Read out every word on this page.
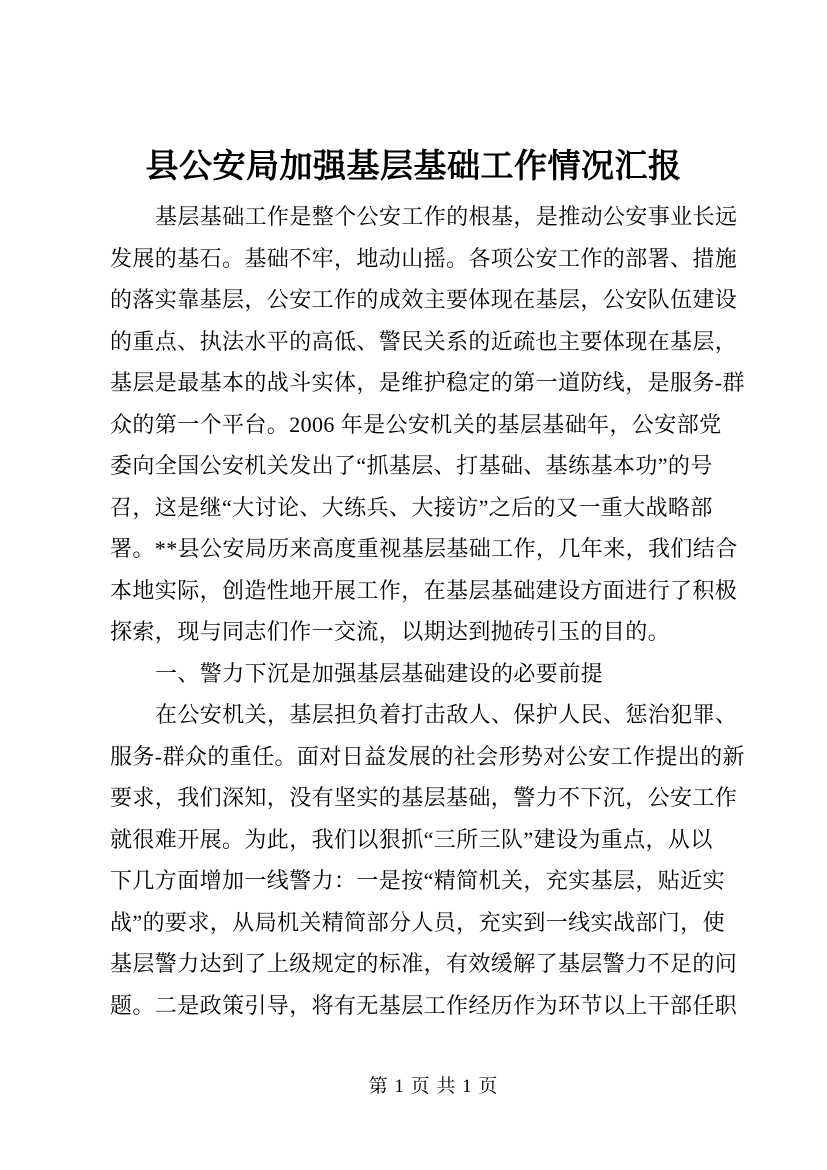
县公安局加强基层基础工作情况汇报
基层基础工作是整个公安工作的根基，是推动公安事业长远
发展的基石。基础不牢，地动山摇。各项公安工作的部署、措施
的落实靠基层，公安工作的成效主要体现在基层，公安队伍建设
的重点、执法水平的高低、警民关系的近疏也主要体现在基层，
基层是最基本的战斗实体，是维护稳定的第一道防线，是服务-群
众的第一个平台。2006 年是公安机关的基层基础年，公安部党
委向全国公安机关发出了“抓基层、打基础、基练基本功”的号
召，这是继“大讨论、大练兵、大接访”之后的又一重大战略部
署。**县公安局历来高度重视基层基础工作，几年来，我们结合
本地实际，创造性地开展工作，在基层基础建设方面进行了积极
探索，现与同志们作一交流，以期达到抛砖引玉的目的。
一、警力下沉是加强基层基础建设的必要前提
在公安机关，基层担负着打击敌人、保护人民、惩治犯罪、
服务-群众的重任。面对日益发展的社会形势对公安工作提出的新
要求，我们深知，没有坚实的基层基础，警力不下沉，公安工作
就很难开展。为此，我们以狠抓“三所三队”建设为重点，从以
下几方面增加一线警力：一是按“精简机关，充实基层，贴近实
战”的要求，从局机关精简部分人员，充实到一线实战部门，使
基层警力达到了上级规定的标准，有效缓解了基层警力不足的问
题。二是政策引导，将有无基层工作经历作为环节以上干部任职
第 1 页 共 1 页
